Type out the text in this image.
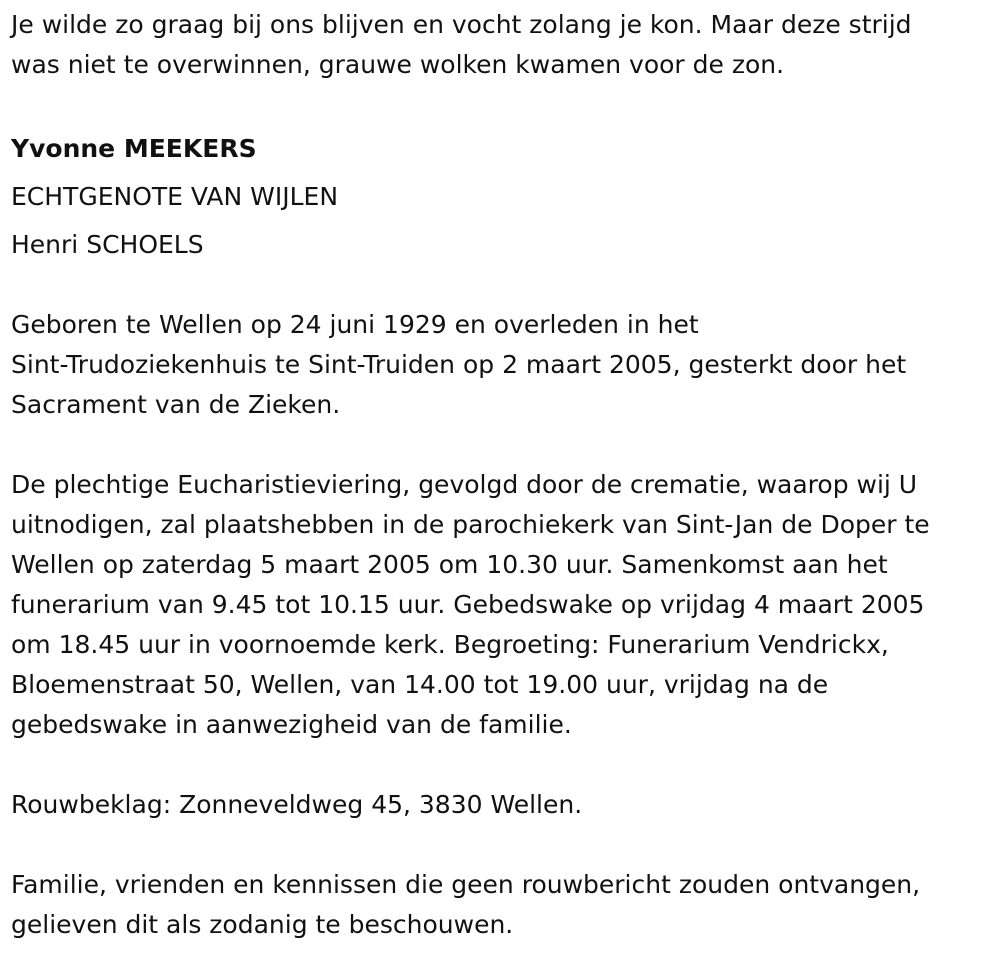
Je wilde zo graag bij ons blijven en vocht zolang je kon. Maar deze strijd
was niet te overwinnen, grauwe wolken kwamen voor de zon.

Yvonne MEEKERS
ECHTGENOTE VAN WIJLEN
Henri SCHOELS

Geboren te Wellen op 24 juni 1929 en overleden in het
Sint-Trudoziekenhuis te Sint-Truiden op 2 maart 2005, gesterkt door het
Sacrament van de Zieken.

De plechtige Eucharistieviering, gevolgd door de crematie, waarop wij U
uitnodigen, zal plaatshebben in de parochiekerk van Sint-Jan de Doper te
Wellen op zaterdag 5 maart 2005 om 10.30 uur. Samenkomst aan het
funerarium van 9.45 tot 10.15 uur. Gebedswake op vrijdag 4 maart 2005
om 18.45 uur in voornoemde kerk. Begroeting: Funerarium Vendrickx,
Bloemenstraat 50, Wellen, van 14.00 tot 19.00 uur, vrijdag na de
gebedswake in aanwezigheid van de familie.

Rouwbeklag: Zonneveldweg 45, 3830 Wellen.

Familie, vrienden en kennissen die geen rouwbericht zouden ontvangen,
gelieven dit als zodanig te beschouwen.
